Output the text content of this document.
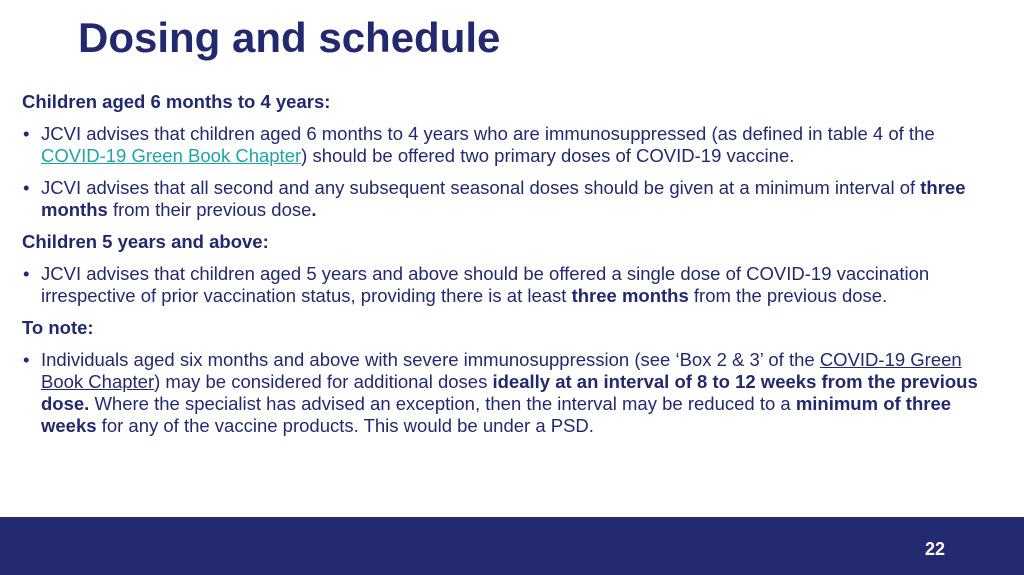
Dosing and schedule
Children aged 6 months to 4 years:
• JCVI advises that children aged 6 months to 4 years who are immunosuppressed (as defined in table 4 of the COVID-19 Green Book Chapter) should be offered two primary doses of COVID-19 vaccine.
• JCVI advises that all second and any subsequent seasonal doses should be given at a minimum interval of three months from their previous dose.
Children 5 years and above:
• JCVI advises that children aged 5 years and above should be offered a single dose of COVID-19 vaccination irrespective of prior vaccination status, providing there is at least three months from the previous dose.
To note:
• Individuals aged six months and above with severe immunosuppression (see ‘Box 2 & 3’ of the COVID-19 Green Book Chapter) may be considered for additional doses ideally at an interval of 8 to 12 weeks from the previous dose. Where the specialist has advised an exception, then the interval may be reduced to a minimum of three weeks for any of the vaccine products. This would be under a PSD.
22
